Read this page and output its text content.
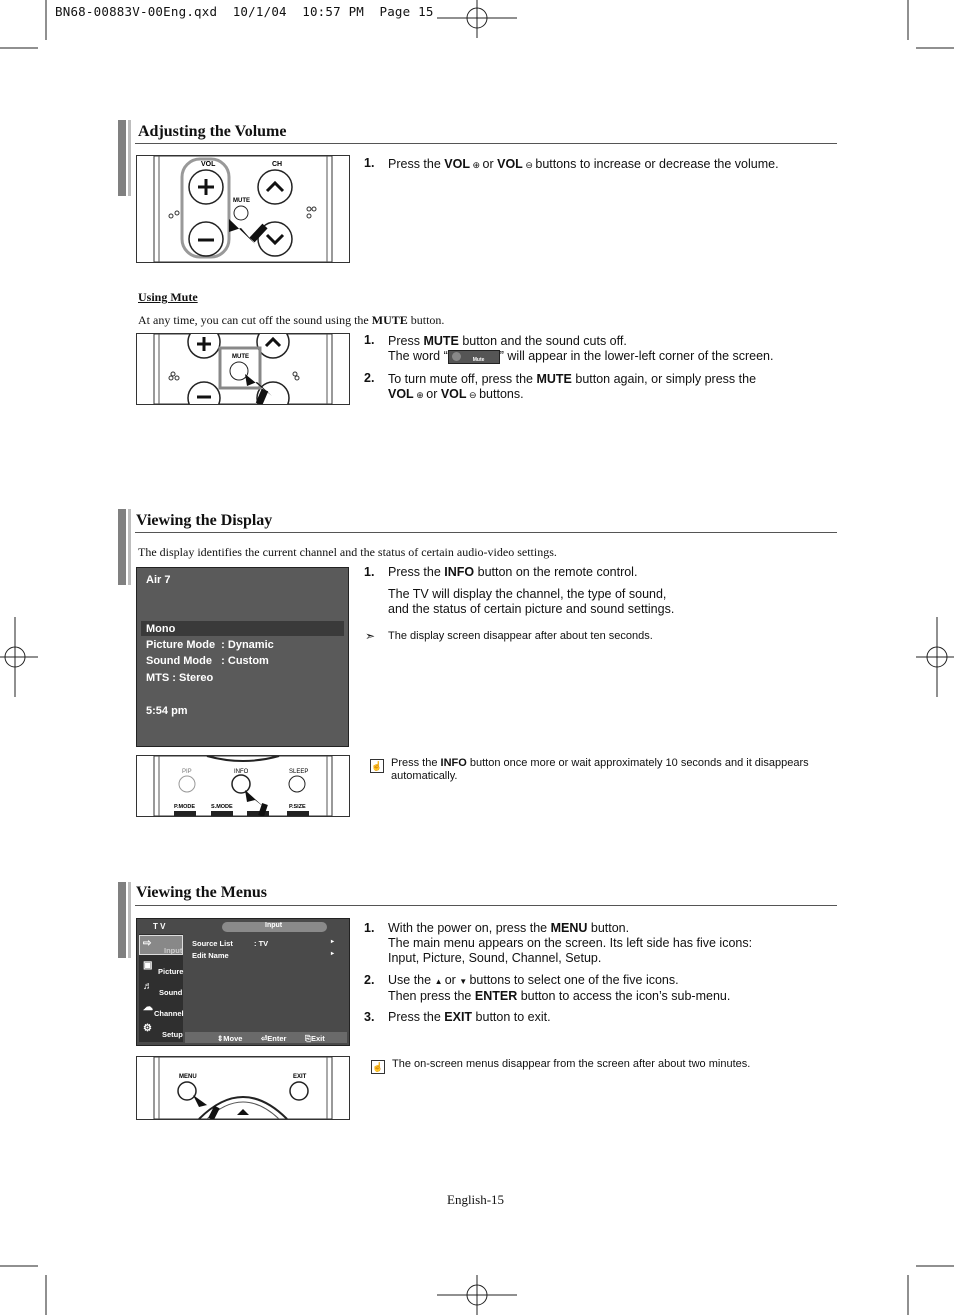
BN68-00883V-00Eng.qxd  10/1/04  10:57 PM  Page 15
Adjusting the Volume
VOL	CH
MUTE
1. Press the VOL ⊕ or VOL ⊖ buttons to increase or decrease the volume.
Using Mute
At any time, you can cut off the sound using the MUTE button.
MUTE
1. Press MUTE button and the sound cuts off.
The word “	Mute ” will appear in the lower-left corner of the screen.
2. To turn mute off, press the MUTE button again, or simply press the
VOL ⊕ or VOL ⊖ buttons.
Viewing the Display
The display identifies the current channel and the status of certain audio-video settings.
Air 7
Mono
Picture Mode  : Dynamic
Sound Mode   : Custom
MTS : Stereo
5:54 pm
1. Press the INFO button on the remote control.
The TV will display the channel, the type of sound,
and the status of certain picture and sound settings.
➣ The display screen disappear after about ten seconds.
PIP	INFO	SLEEP
P.MODE	S.MODE	P.SIZE
☝ Press the INFO button once more or wait approximately 10 seconds and it disappears
automatically.
Viewing the Menus
T V	Input
⇨
Input
▣
Picture
♬
Sound
☁
Channel
⚙
Setup
Source List	: TV	▸
Edit Name	▸
⇕Move ⏎Enter ⎘Exit
1. With the power on, press the MENU button.
The main menu appears on the screen. Its left side has five icons:
Input, Picture, Sound, Channel, Setup.
2. Use the ▲ or ▼ buttons to select one of the five icons.
Then press the ENTER button to access the icon’s sub-menu.
3. Press the EXIT button to exit.
MENU	EXIT
☝ The on-screen menus disappear from the screen after about two minutes.
English-15
